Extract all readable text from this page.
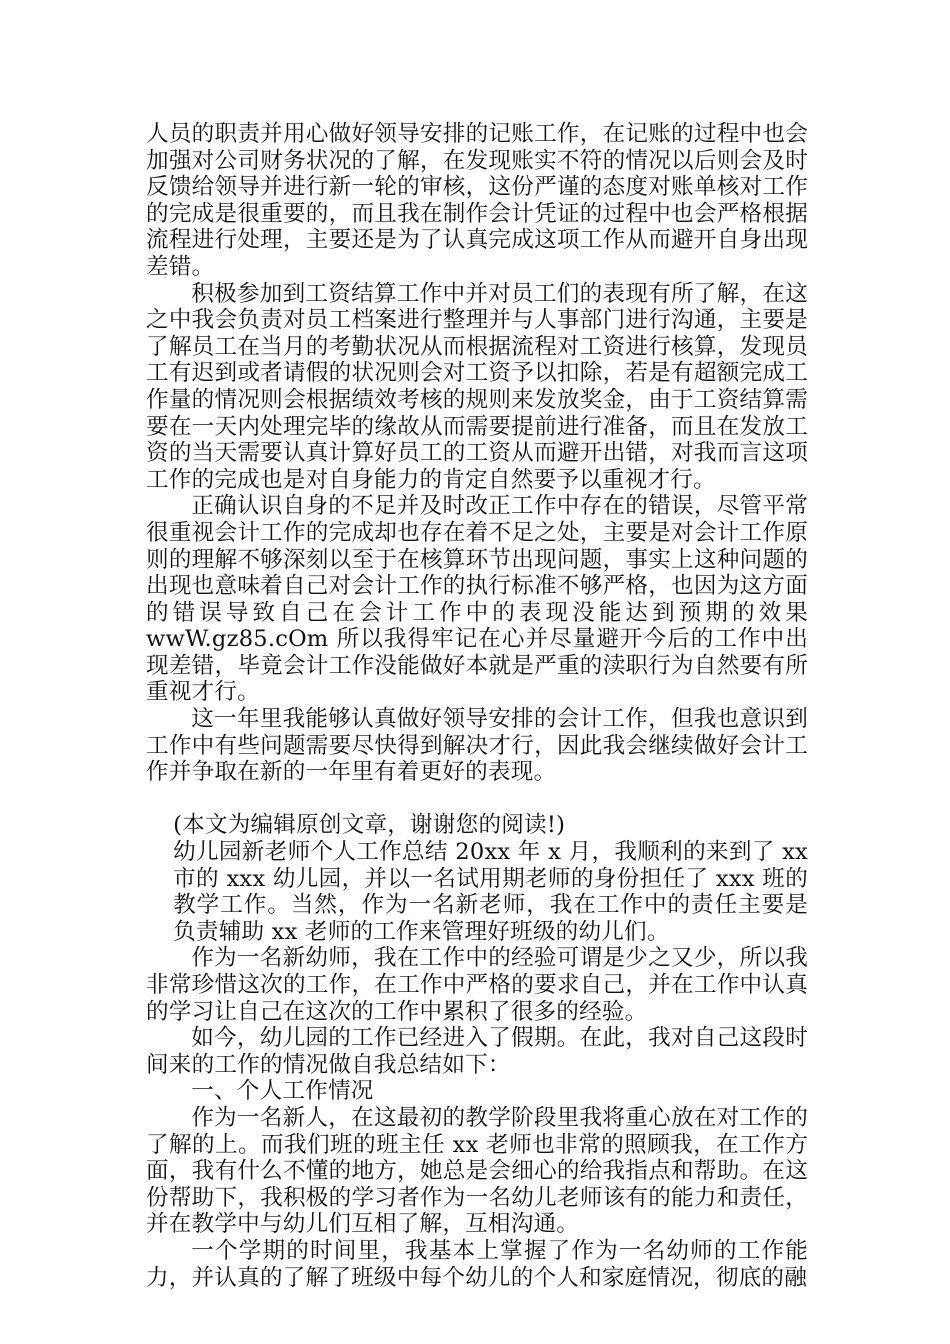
人员的职责并用心做好领导安排的记账工作，在记账的过程中也会加强对公司财务状况的了解，在发现账实不符的情况以后则会及时反馈给领导并进行新一轮的审核，这份严谨的态度对账单核对工作的完成是很重要的，而且我在制作会计凭证的过程中也会严格根据流程进行处理，主要还是为了认真完成这项工作从而避开自身出现差错。

积极参加到工资结算工作中并对员工们的表现有所了解，在这之中我会负责对员工档案进行整理并与人事部门进行沟通，主要是了解员工在当月的考勤状况从而根据流程对工资进行核算，发现员工有迟到或者请假的状况则会对工资予以扣除，若是有超额完成工作量的情况则会根据绩效考核的规则来发放奖金，由于工资结算需要在一天内处理完毕的缘故从而需要提前进行准备，而且在发放工资的当天需要认真计算好员工的工资从而避开出错，对我而言这项工作的完成也是对自身能力的肯定自然要予以重视才行。

正确认识自身的不足并及时改正工作中存在的错误，尽管平常很重视会计工作的完成却也存在着不足之处，主要是对会计工作原则的理解不够深刻以至于在核算环节出现问题，事实上这种问题的出现也意味着自己对会计工作的执行标准不够严格，也因为这方面的错误导致自己在会计工作中的表现没能达到预期的效果 wwW.gz85.cOm 所以我得牢记在心并尽量避开今后的工作中出现差错，毕竟会计工作没能做好本就是严重的渎职行为自然要有所重视才行。

这一年里我能够认真做好领导安排的会计工作，但我也意识到工作中有些问题需要尽快得到解决才行，因此我会继续做好会计工作并争取在新的一年里有着更好的表现。

(本文为编辑原创文章，谢谢您的阅读!)

幼儿园新老师个人工作总结 20xx 年 x 月，我顺利的来到了 xx 市的 xxx 幼儿园，并以一名试用期老师的身份担任了 xxx 班的教学工作。当然，作为一名新老师，我在工作中的责任主要是负责辅助 xx 老师的工作来管理好班级的幼儿们。

作为一名新幼师，我在工作中的经验可谓是少之又少，所以我非常珍惜这次的工作，在工作中严格的要求自己，并在工作中认真的学习让自己在这次的工作中累积了很多的经验。

如今，幼儿园的工作已经进入了假期。在此，我对自己这段时间来的工作的情况做自我总结如下：

一、个人工作情况

作为一名新人，在这最初的教学阶段里我将重心放在对工作的了解的上。而我们班的班主任 xx 老师也非常的照顾我，在工作方面，我有什么不懂的地方，她总是会细心的给我指点和帮助。在这份帮助下，我积极的学习者作为一名幼儿老师该有的能力和责任，并在教学中与幼儿们互相了解，互相沟通。

一个学期的时间里，我基本上掌握了作为一名幼师的工作能力，并认真的了解了班级中每个幼儿的个人和家庭情况，彻底的融
